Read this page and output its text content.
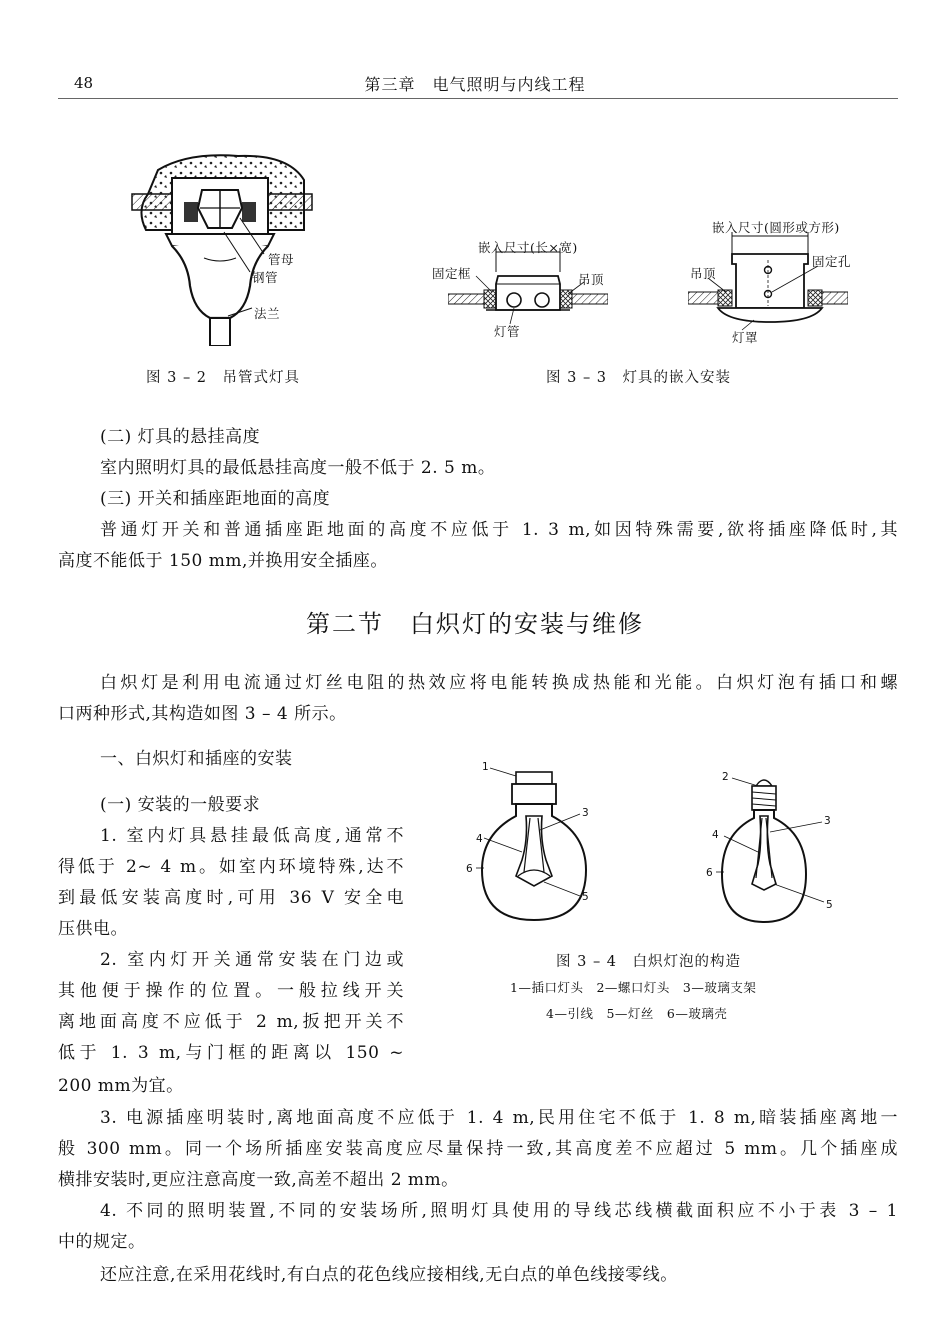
48	第三章　电气照明与内线工程
管母
钢管
法兰
图 3 – 2　吊管式灯具
嵌入尺寸(长×宽)
固定框	吊顶
灯管
嵌入尺寸(圆形或方形)
吊顶
固定孔
灯罩
图 3 – 3　灯具的嵌入安装
(二) 灯具的悬挂高度
室内照明灯具的最低悬挂高度一般不低于 2. 5 m。
(三) 开关和插座距地面的高度
普通灯开关和普通插座距地面的高度不应低于 1. 3 m,如因特殊需要,欲将插座降低时,其
高度不能低于 150 mm,并换用安全插座。
第二节　白炽灯的安装与维修
白炽灯是利用电流通过灯丝电阻的热效应将电能转换成热能和光能。白炽灯泡有插口和螺
口两种形式,其构造如图 3 – 4 所示。
一、白炽灯和插座的安装
(一) 安装的一般要求
1. 室内灯具悬挂最低高度,通常不
得低于 2~ 4 m。如室内环境特殊,达不
到最低安装高度时,可用 36 V 安全电
压供电。
2. 室内灯开关通常安装在门边或
其他便于操作的位置。一般拉线开关
离地面高度不应低于 2 m,扳把开关不
低于 1. 3 m,与门框的距离以 150 ~
200 mm为宜。
1
3
4
6
5
2
3
4
6
5
图 3 – 4　白炽灯泡的构造
1—插口灯头　2—螺口灯头　3—玻璃支架
4—引线　5—灯丝　6—玻璃壳
3. 电源插座明装时,离地面高度不应低于 1. 4 m,民用住宅不低于 1. 8 m,暗装插座离地一
般 300 mm。同一个场所插座安装高度应尽量保持一致,其高度差不应超过 5 mm。几个插座成
横排安装时,更应注意高度一致,高差不超出 2 mm。
4. 不同的照明装置,不同的安装场所,照明灯具使用的导线芯线横截面积应不小于表 3 – 1
中的规定。
还应注意,在采用花线时,有白点的花色线应接相线,无白点的单色线接零线。
